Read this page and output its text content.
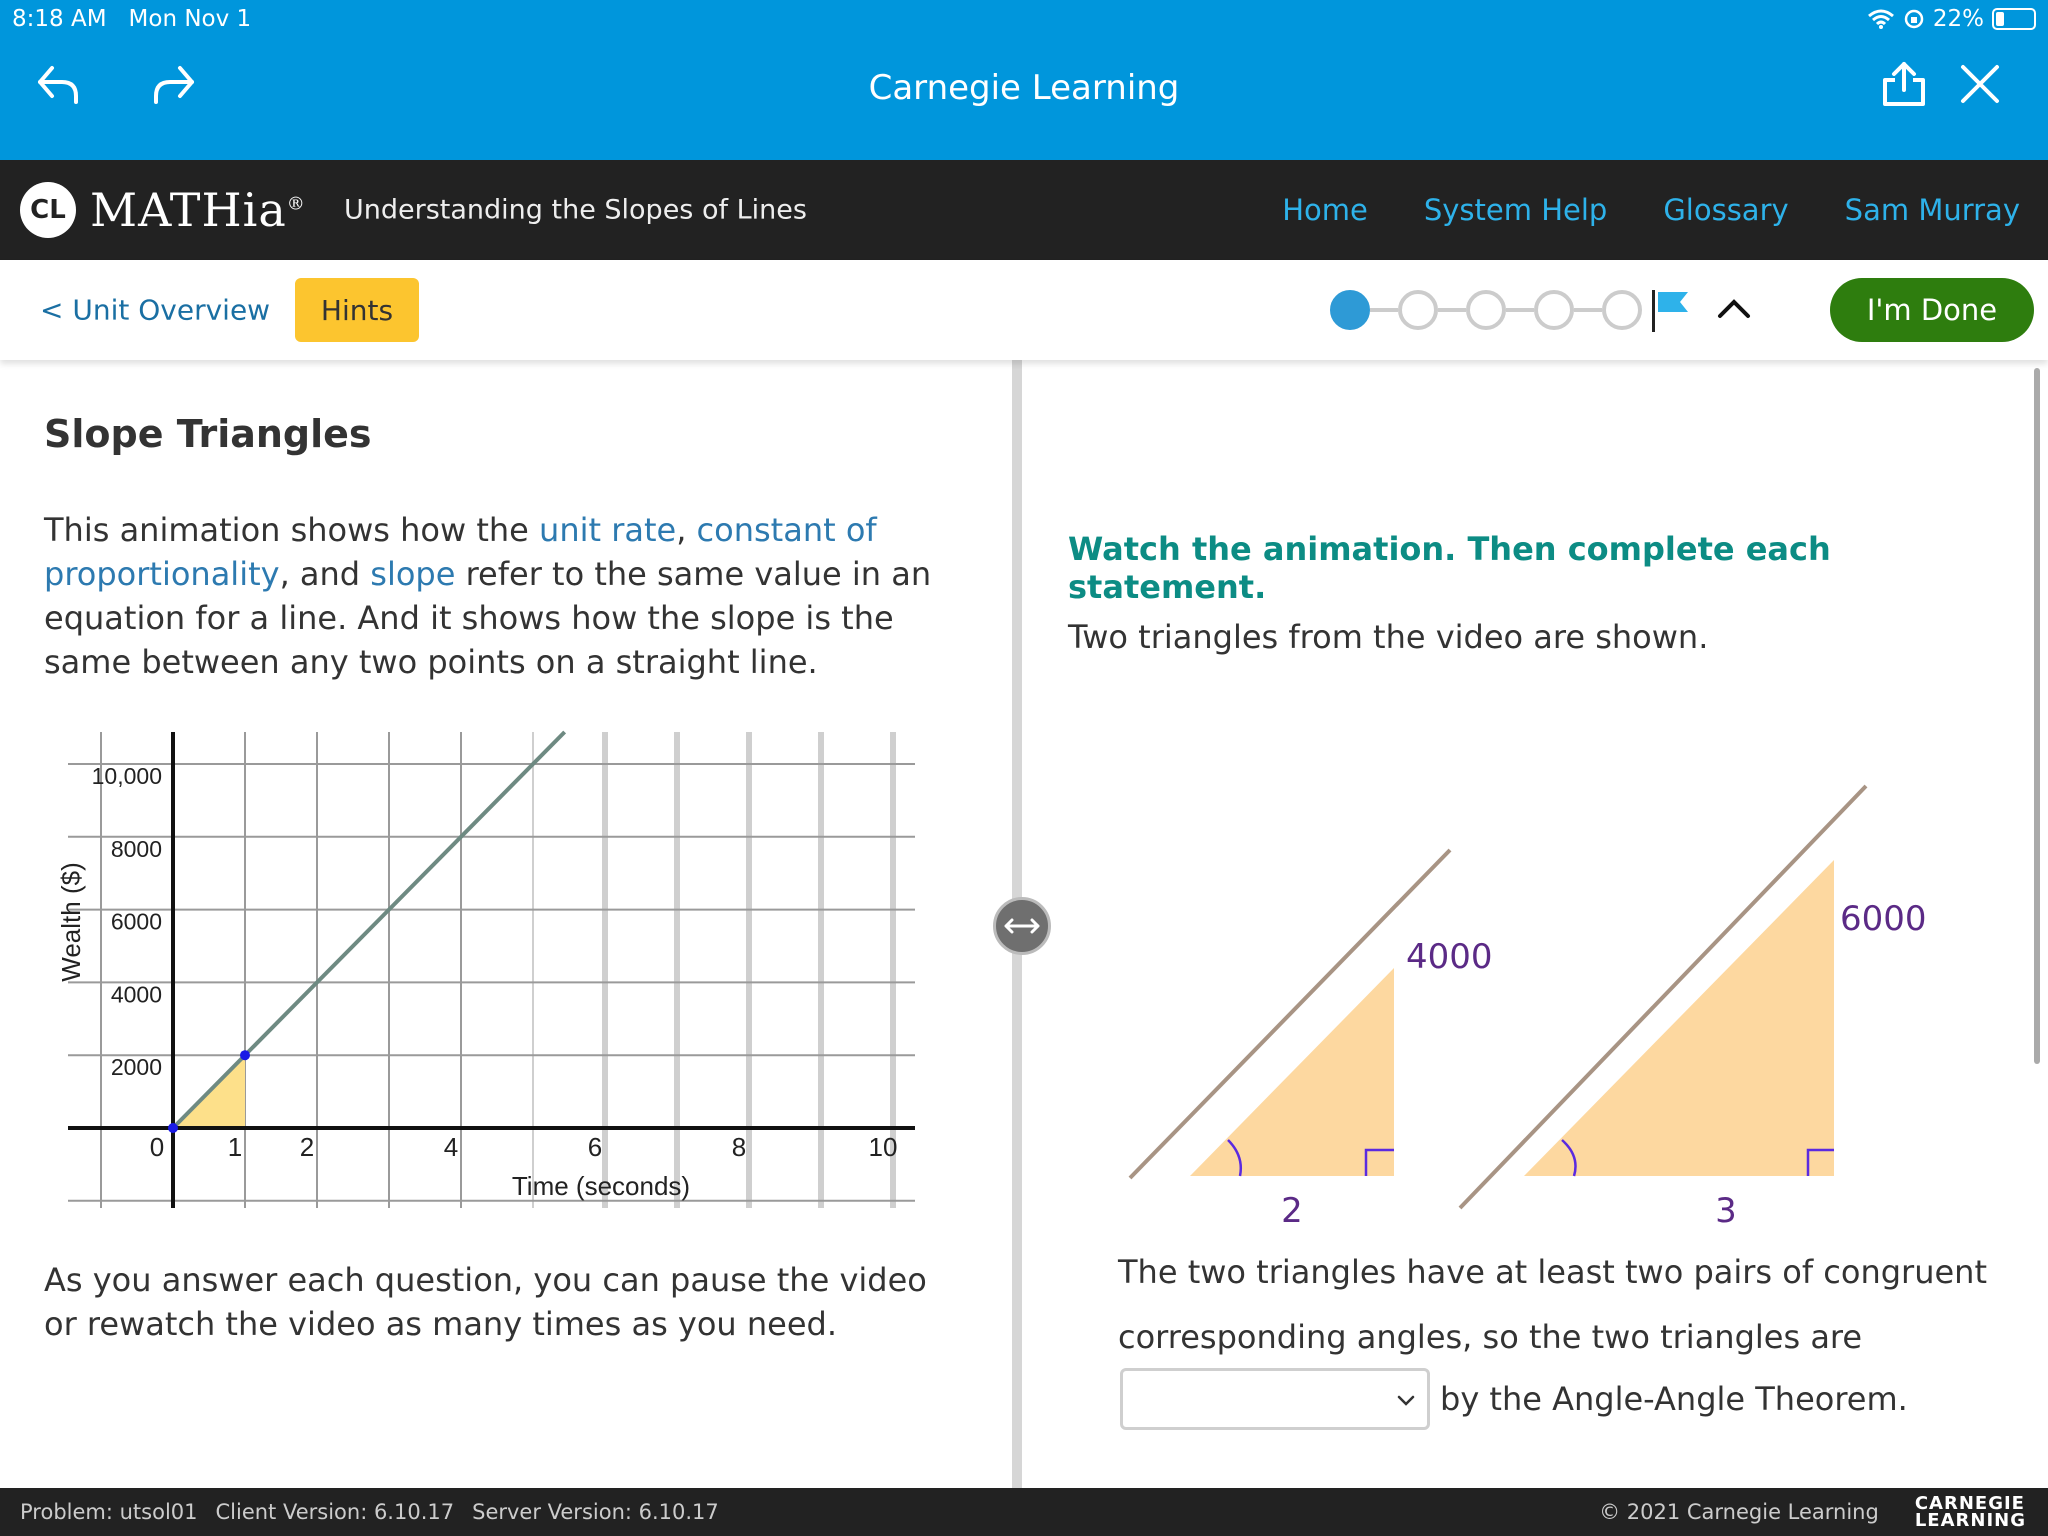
8:18 AM Mon Nov 1	22%
Carnegie Learning
CL MATHia® Understanding the Slopes of Lines	Home System Help Glossary Sam Murray
< Unit Overview	Hints	I'm Done
Slope Triangles
This animation shows how the unit rate, constant of proportionality, and slope refer to the same value in an equation for a line. And it shows how the slope is the same between any two points on a straight line.
0 1 2	4	6	8	10
2000
4000
6000
8000
10,000
Time (seconds)
Wealth ($)
As you answer each question, you can pause the video or rewatch the video as many times as you need.
Watch the animation. Then complete each statement.
Two triangles from the video are shown.
4000
2
6000
3
The two triangles have at least two pairs of congruent corresponding angles, so the two triangles are
by the Angle-Angle Theorem.
Problem: utsol01 Client Version: 6.10.17 Server Version: 6.10.17	© 2021 Carnegie Learning CARNEGIE
LEARNING
